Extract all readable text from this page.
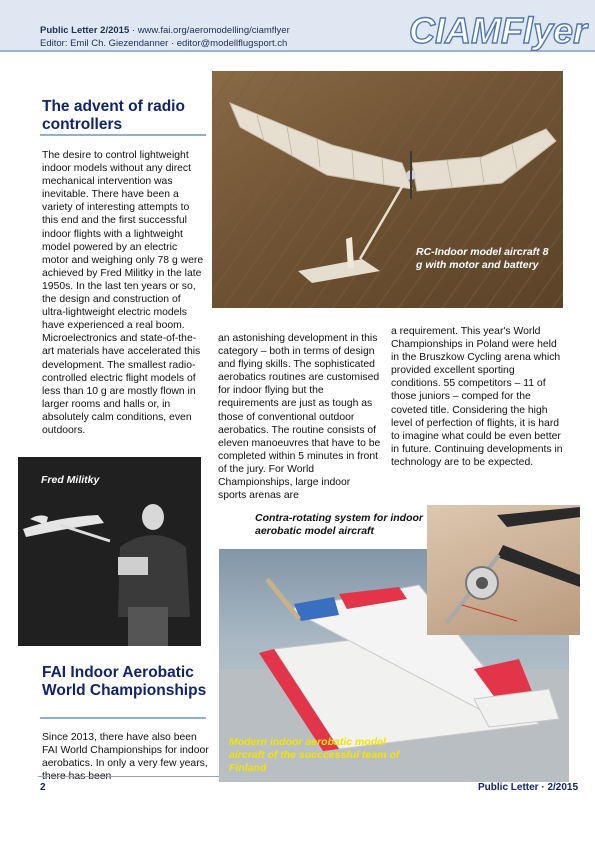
Public Letter 2/2015 · www.fai.org/aeromodelling/ciamflyer
Editor: Emil Ch. Giezendanner · editor@modellflugsport.ch	CIAMFlyer
The advent of radio controllers
The desire to control lightweight indoor models without any direct mechanical intervention was inevitable. There have been a variety of interesting attempts to this end and the first successful indoor flights with a lightweight model powered by an electric motor and weighing only 78 g were achieved by Fred Militky in the late 1950s. In the last ten years or so, the design and construction of ultra-lightweight electric models have experienced a real boom. Microelectronics and state-of-the-art materials have accelerated this development. The smallest radio-controlled electric flight models of less than 10 g are mostly flown in larger rooms and halls or, in absolutely calm conditions, even outdoors.
RC-Indoor model aircraft 8 g with motor and battery
an astonishing development in this category – both in terms of design and flying skills. The sophisticated aerobatics routines are customised for indoor flying but the requirements are just as tough as those of conventional outdoor aerobatics. The routine consists of eleven manoeuvres that have to be completed within 5 minutes in front of the jury. For World Championships, large indoor sports arenas are
a requirement. This year's World Championships in Poland were held in the Bruszkow Cycling arena which provided excellent sporting conditions. 55 competitors – 11 of those juniors – comped for the coveted title. Considering the high level of perfection of flights, it is hard to imagine what could be even better in future. Continuing developments in technology are to be expected.
Fred Militky
FAI Indoor Aerobatic World Championships
Since 2013, there have also been FAI World Championships for indoor aerobatics. In only a very few years,
Contra-rotating system for indoor aerobatic model aircraft
Modern indoor aerobatic model aircraft of the succcessful team of Finland
2	Public Letter · 2/2015
